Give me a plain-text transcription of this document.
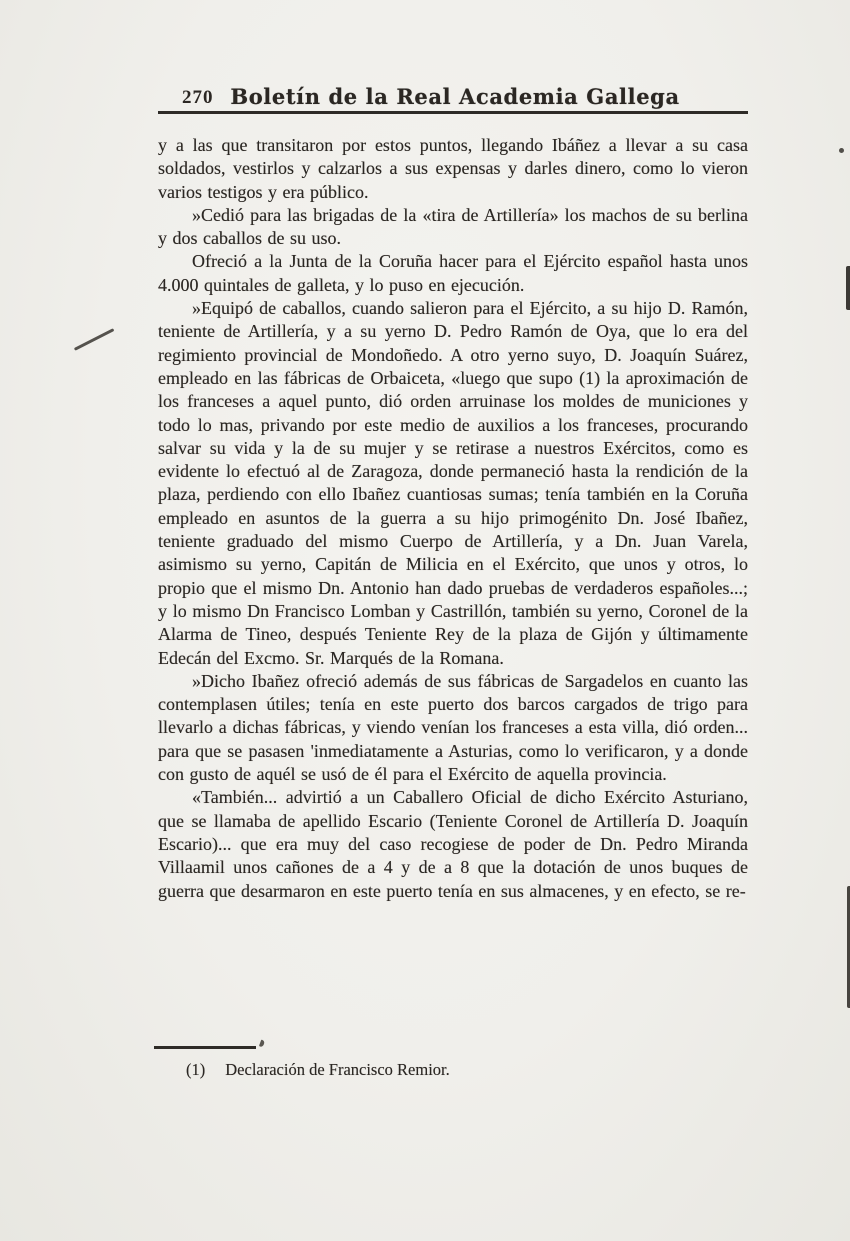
270 Boletín de la Real Academia Gallega

y a las que transitaron por estos puntos, llegando Ibáñez a llevar a su casa soldados, vestirlos y calzarlos a sus expensas y darles dinero, como lo vieron varios testigos y era público.

»Cedió para las brigadas de la «tira de Artillería» los machos de su berlina y dos caballos de su uso.

Ofreció a la Junta de la Coruña hacer para el Ejército español hasta unos 4.000 quintales de galleta, y lo puso en ejecución.

»Equipó de caballos, cuando salieron para el Ejército, a su hijo D. Ramón, teniente de Artillería, y a su yerno D. Pedro Ramón de Oya, que lo era del regimiento provincial de Mondoñedo. A otro yerno suyo, D. Joaquín Suárez, empleado en las fábricas de Orbaiceta, «luego que supo (1) la aproximación de los franceses a aquel punto, dió orden arruinase los moldes de municiones y todo lo mas, privando por este medio de auxilios a los franceses, procurando salvar su vida y la de su mujer y se retirase a nuestros Exércitos, como es evidente lo efectuó al de Zaragoza, donde permaneció hasta la rendición de la plaza, perdiendo con ello Ibañez cuantiosas sumas; tenía también en la Coruña empleado en asuntos de la guerra a su hijo primogénito Dn. José Ibañez, teniente graduado del mismo Cuerpo de Artillería, y a Dn. Juan Varela, asimismo su yerno, Capitán de Milicia en el Exército, que unos y otros, lo propio que el mismo Dn. Antonio han dado pruebas de verdaderos españoles...; y lo mismo Dn Francisco Lomban y Castrillón, también su yerno, Coronel de la Alarma de Tineo, después Teniente Rey de la plaza de Gijón y últimamente Edecán del Excmo. Sr. Marqués de la Romana.

»Dicho Ibañez ofreció además de sus fábricas de Sargadelos en cuanto las contemplasen útiles; tenía en este puerto dos barcos cargados de trigo para llevarlo a dichas fábricas, y viendo venían los franceses a esta villa, dió orden... para que se pasasen 'inmediatamente a Asturias, como lo verificaron, y a donde con gusto de aquél se usó de él para el Exército de aquella provincia.

«También... advirtió a un Caballero Oficial de dicho Exército Asturiano, que se llamaba de apellido Escario (Teniente Coronel de Artillería D. Joaquín Escario)... que era muy del caso recogiese de poder de Dn. Pedro Miranda Villaamil unos cañones de a 4 y de a 8 que la dotación de unos buques de guerra que desarmaron en este puerto tenía en sus almacenes, y en efecto, se re-

(1) Declaración de Francisco Remior.
